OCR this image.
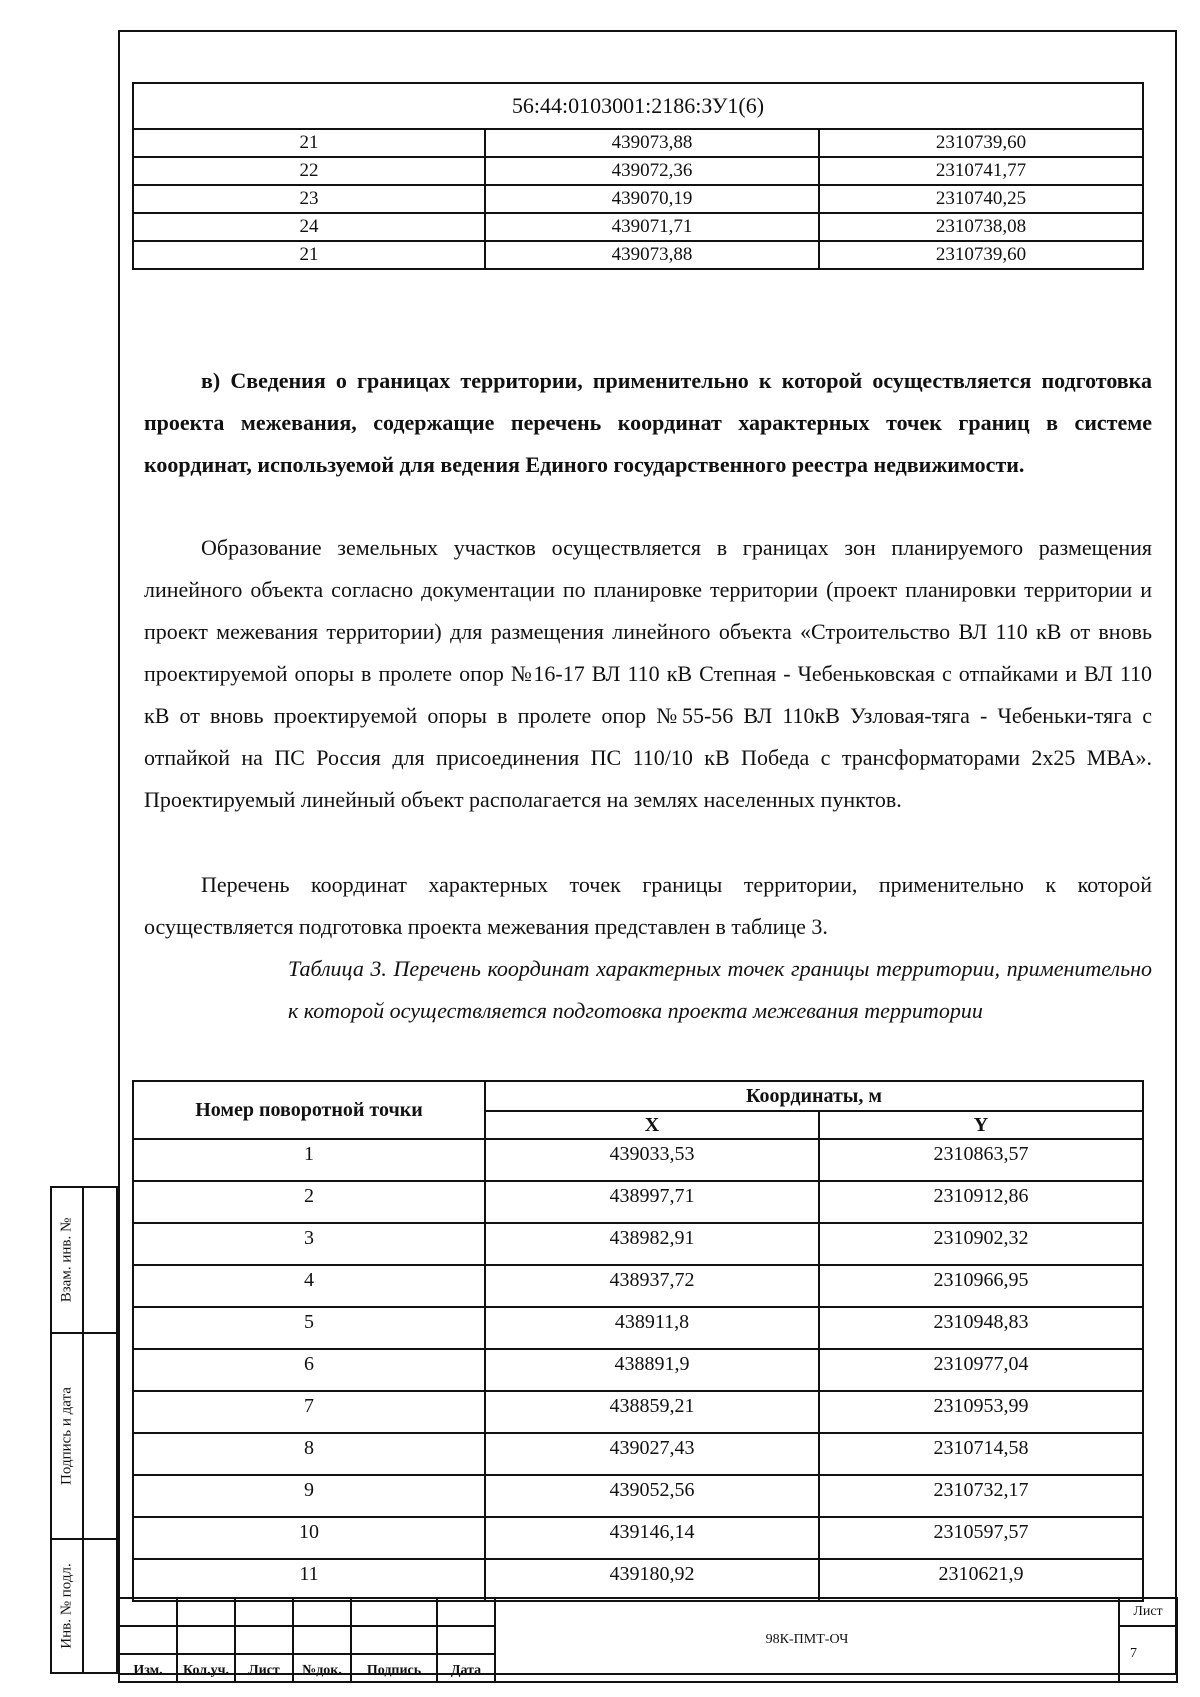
56:44:0103001:2186:ЗУ1(6)		
21	439073,88	2310739,60
22	439072,36	2310741,77
23	439070,19	2310740,25
24	439071,71	2310738,08
21	439073,88	2310739,60

в) Сведения о границах территории, применительно к которой осуществляется подготовка проекта межевания, содержащие перечень координат характерных точек границ в системе координат, используемой для ведения Единого государственного реестра недвижимости.

Образование земельных участков осуществляется в границах зон планируемого размещения линейного объекта согласно документации по планировке территории (проект планировки территории и проект межевания территории) для размещения линейного объекта «Строительство ВЛ 110 кВ от вновь проектируемой опоры в пролете опор №16-17 ВЛ 110 кВ Степная - Чебеньковская с отпайками и ВЛ 110 кВ от вновь проектируемой опоры в пролете опор №55-56 ВЛ 110кВ Узловая-тяга - Чебеньки-тяга с отпайкой на ПС Россия для присоединения ПС 110/10 кВ Победа с трансформаторами 2х25 МВА». Проектируемый линейный объект располагается на землях населенных пунктов.

Перечень координат характерных точек границы территории, применительно к которой осуществляется подготовка проекта межевания представлен в таблице 3.

Таблица 3. Перечень координат характерных точек границы территории, применительно к которой осуществляется подготовка проекта межевания территории
Номер поворотной точки	Координаты, м	
	X	Y
1	439033,53	2310863,57
2	438997,71	2310912,86
3	438982,91	2310902,32
4	438937,72	2310966,95
5	438911,8	2310948,83
6	438891,9	2310977,04
7	438859,21	2310953,99
8	439027,43	2310714,58
9	439052,56	2310732,17
10	439146,14	2310597,57
11	439180,92	2310621,9
Взам. инв. №
Подпись и дата
Инв. № подл.
							98К-ПМТ-ОЧ	Лист
							7
Изм.	Кол.уч.	Лист	№док.	Подпись	Дата		
